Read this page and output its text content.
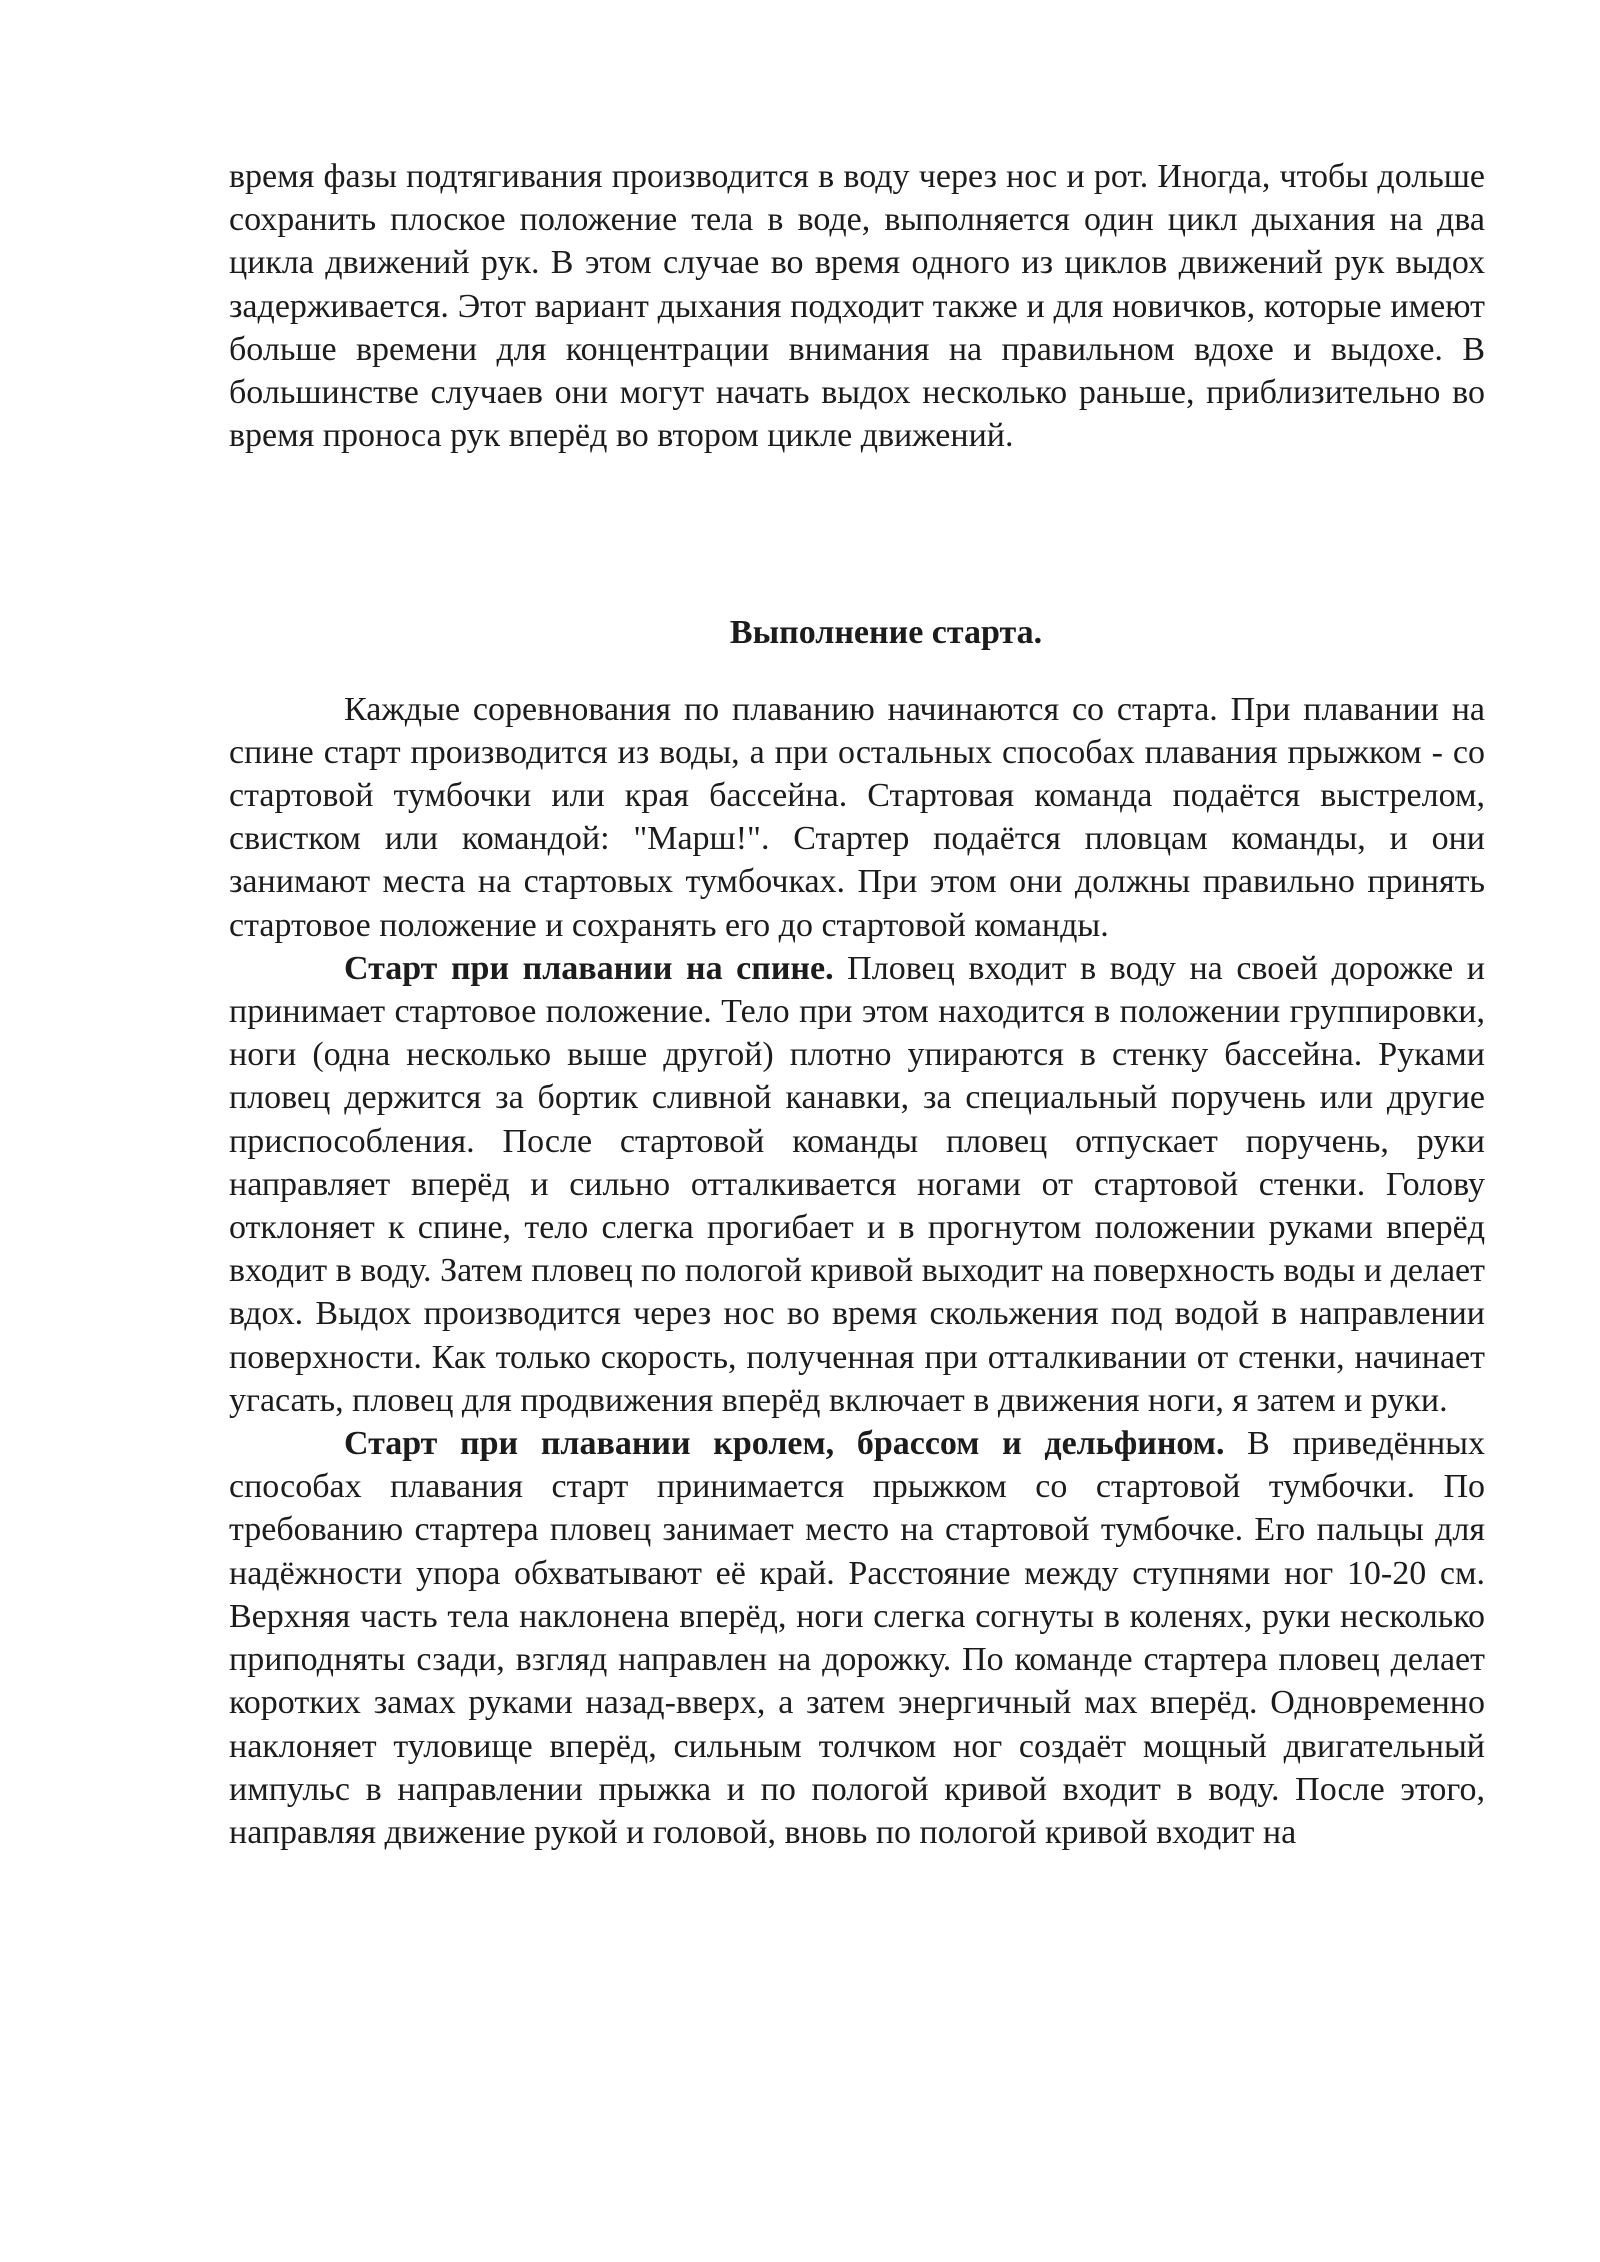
время фазы подтягивания производится в воду через нос и рот. Иногда, чтобы дольше сохранить плоское положение тела в воде, выполняется один цикл дыхания на два цикла движений рук. В этом случае во время одного из циклов движений рук выдох задерживается. Этот вариант дыхания подходит также и для новичков, которые имеют больше времени для концентрации внимания на правильном вдохе и выдохе. В большинстве случаев они могут начать выдох несколько раньше, приблизительно во время проноса рук вперёд во втором цикле движений.

Выполнение старта.

Каждые соревнования по плаванию начинаются со старта. При плавании на спине старт производится из воды, а при остальных способах плавания прыжком - со стартовой тумбочки или края бассейна. Стартовая команда подаётся выстрелом, свистком или командой: "Марш!". Стартер подаётся пловцам команды, и они занимают места на стартовых тумбочках. При этом они должны правильно принять стартовое положение и сохранять его до стартовой команды.

Старт при плавании на спине. Пловец входит в воду на своей дорожке и принимает стартовое положение. Тело при этом находится в положении группировки, ноги (одна несколько выше другой) плотно упираются в стенку бассейна. Руками пловец держится за бортик сливной канавки, за специальный поручень или другие приспособления. После стартовой команды пловец отпускает поручень, руки направляет вперёд и сильно отталкивается ногами от стартовой стенки. Голову отклоняет к спине, тело слегка прогибает и в прогнутом положении руками вперёд входит в воду. Затем пловец по пологой кривой выходит на поверхность воды и делает вдох. Выдох производится через нос во время скольжения под водой в направлении поверхности. Как только скорость, полученная при отталкивании от стенки, начинает угасать, пловец для продвижения вперёд включает в движения ноги, я затем и руки.

Старт при плавании кролем, брассом и дельфином. В приведённых способах плавания старт принимается прыжком со стартовой тумбочки. По требованию стартера пловец занимает место на стартовой тумбочке. Его пальцы для надёжности упора обхватывают её край. Расстояние между ступнями ног 10-20 см. Верхняя часть тела наклонена вперёд, ноги слегка согнуты в коленях, руки несколько приподняты сзади, взгляд направлен на дорожку. По команде стартера пловец делает коротких замах руками назад-вверх, а затем энергичный мах вперёд. Одновременно наклоняет туловище вперёд, сильным толчком ног создаёт мощный двигательный импульс в направлении прыжка и по пологой кривой входит в воду. После этого, направляя движение рукой и головой, вновь по пологой кривой входит на
